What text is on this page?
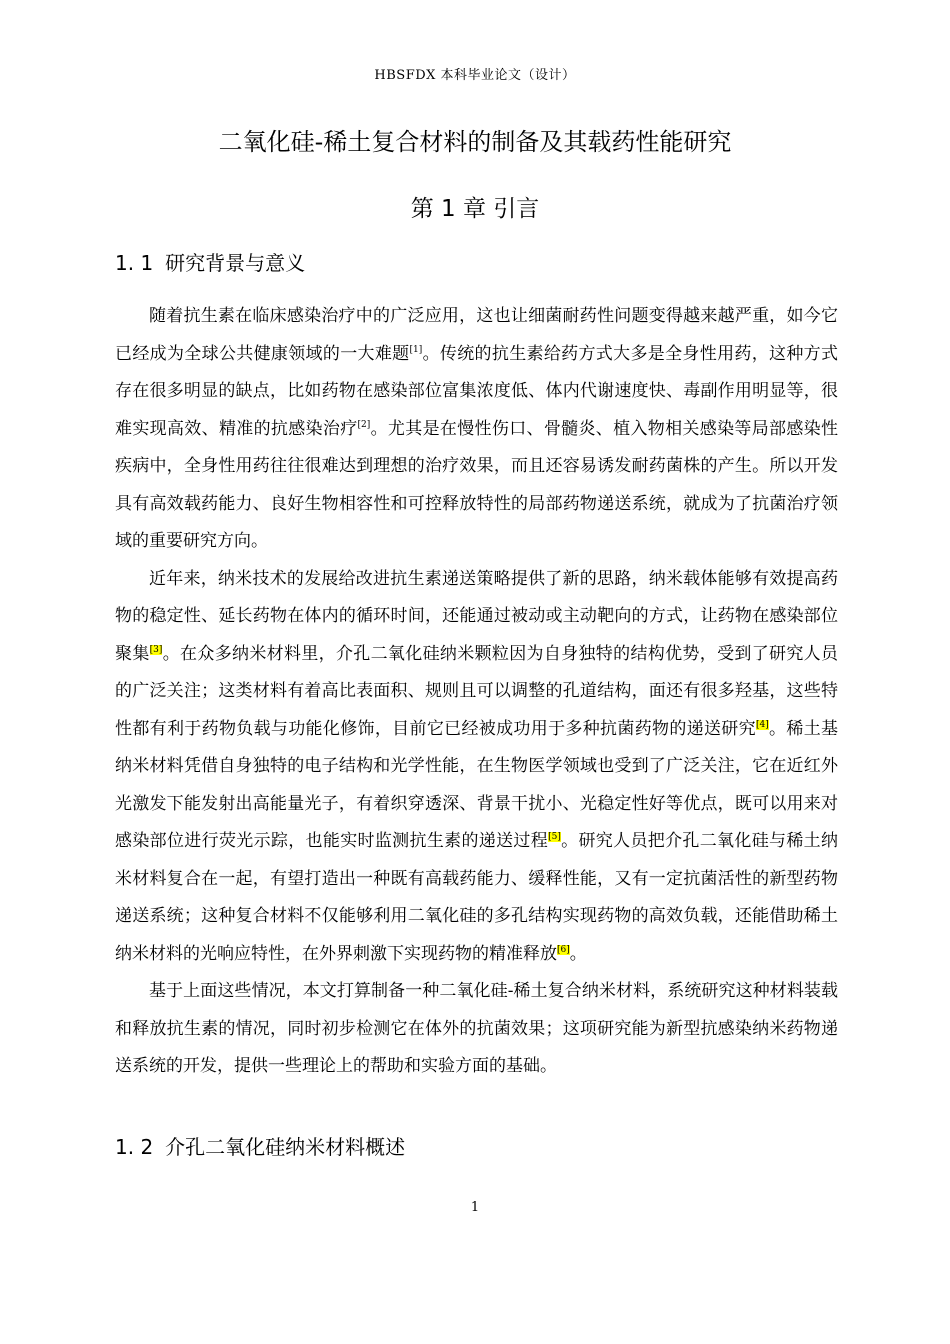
HBSFDX 本科毕业论文（设计）
二氧化硅-稀土复合材料的制备及其载药性能研究
第 1 章 引言
1. 1 研究背景与意义

随着抗生素在临床感染治疗中的广泛应用，这也让细菌耐药性问题变得越来越严重，如今它已经成为全球公共健康领域的一大难题[1]。传统的抗生素给药方式大多是全身性用药，这种方式存在很多明显的缺点，比如药物在感染部位富集浓度低、体内代谢速度快、毒副作用明显等，很难实现高效、精准的抗感染治疗[2]。尤其是在慢性伤口、骨髓炎、植入物相关感染等局部感染性疾病中，全身性用药往往很难达到理想的治疗效果，而且还容易诱发耐药菌株的产生。所以开发具有高效载药能力、良好生物相容性和可控释放特性的局部药物递送系统，就成为了抗菌治疗领域的重要研究方向。

近年来，纳米技术的发展给改进抗生素递送策略提供了新的思路，纳米载体能够有效提高药物的稳定性、延长药物在体内的循环时间，还能通过被动或主动靶向的方式，让药物在感染部位聚集[3]。在众多纳米材料里，介孔二氧化硅纳米颗粒因为自身独特的结构优势，受到了研究人员的广泛关注；这类材料有着高比表面积、规则且可以调整的孔道结构，面还有很多羟基，这些特性都有利于药物负载与功能化修饰，目前它已经被成功用于多种抗菌药物的递送研究[4]。稀土基纳米材料凭借自身独特的电子结构和光学性能，在生物医学领域也受到了广泛关注，它在近红外光激发下能发射出高能量光子，有着织穿透深、背景干扰小、光稳定性好等优点，既可以用来对感染部位进行荧光示踪，也能实时监测抗生素的递送过程[5]。研究人员把介孔二氧化硅与稀土纳米材料复合在一起，有望打造出一种既有高载药能力、缓释性能，又有一定抗菌活性的新型药物递送系统；这种复合材料不仅能够利用二氧化硅的多孔结构实现药物的高效负载，还能借助稀土纳米材料的光响应特性，在外界刺激下实现药物的精准释放[6]。

基于上面这些情况，本文打算制备一种二氧化硅-稀土复合纳米材料，系统研究这种材料装载和释放抗生素的情况，同时初步检测它在体外的抗菌效果；这项研究能为新型抗感染纳米药物递送系统的开发，提供一些理论上的帮助和实验方面的基础。

1. 2 介孔二氧化硅纳米材料概述
1
